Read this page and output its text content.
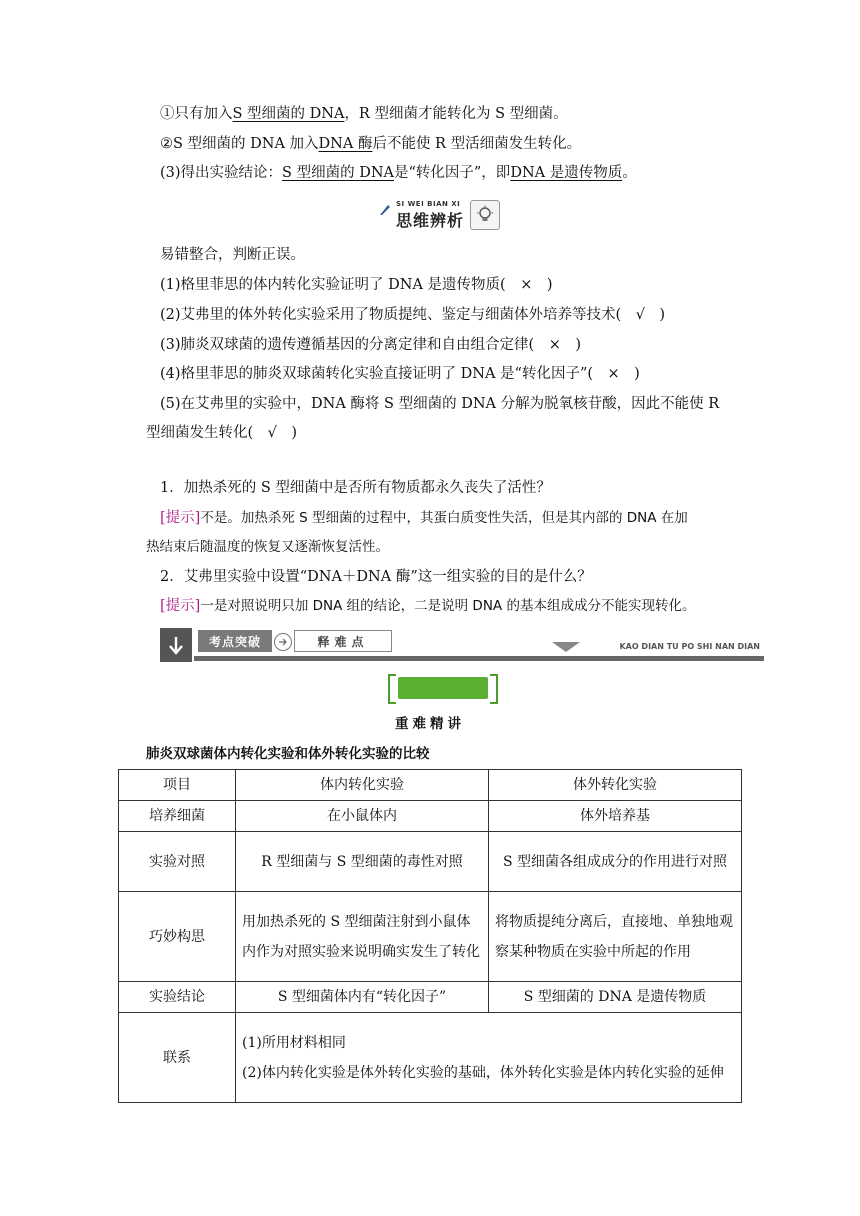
①只有加入S 型细菌的 DNA，R 型细菌才能转化为 S 型细菌。
②S 型细菌的 DNA 加入DNA 酶后不能使 R 型活细菌发生转化。
(3)得出实验结论：S 型细菌的 DNA是“转化因子”，即DNA 是遗传物质。
SI WEI BIAN XI
思维辨析
易错整合，判断正误。
(1)格里菲思的体内转化实验证明了 DNA 是遗传物质(　×　)
(2)艾弗里的体外转化实验采用了物质提纯、鉴定与细菌体外培养等技术(　√　)
(3)肺炎双球菌的遗传遵循基因的分离定律和自由组合定律(　×　)
(4)格里菲思的肺炎双球菌转化实验直接证明了 DNA 是“转化因子”(　×　)
(5)在艾弗里的实验中，DNA 酶将 S 型细菌的 DNA 分解为脱氧核苷酸，因此不能使 R
型细菌发生转化(　√　)
1．加热杀死的 S 型细菌中是否所有物质都永久丧失了活性？
[提示]不是。加热杀死 S 型细菌的过程中，其蛋白质变性失活，但是其内部的 DNA 在加
热结束后随温度的恢复又逐渐恢复活性。
2．艾弗里实验中设置“DNA＋DNA 酶”这一组实验的目的是什么？
[提示]一是对照说明只加 DNA 组的结论，二是说明 DNA 的基本组成成分不能实现转化。
考点突破	释难点	KAO DIAN TU PO SHI NAN DIAN
重难精讲
肺炎双球菌体内转化实验和体外转化实验的比较
项目	体内转化实验	体外转化实验
培养细菌	在小鼠体内	体外培养基
实验对照	R 型细菌与 S 型细菌的毒性对照	S 型细菌各组成成分的作用进行对照
巧妙构思	用加热杀死的 S 型细菌注射到小鼠体内作为对照实验来说明确实发生了转化	将物质提纯分离后，直接地、单独地观察某种物质在实验中所起的作用
实验结论	S 型细菌体内有“转化因子”	S 型细菌的 DNA 是遗传物质
联系	(1)所用材料相同
(2)体内转化实验是体外转化实验的基础，体外转化实验是体内转化实验的延伸	
